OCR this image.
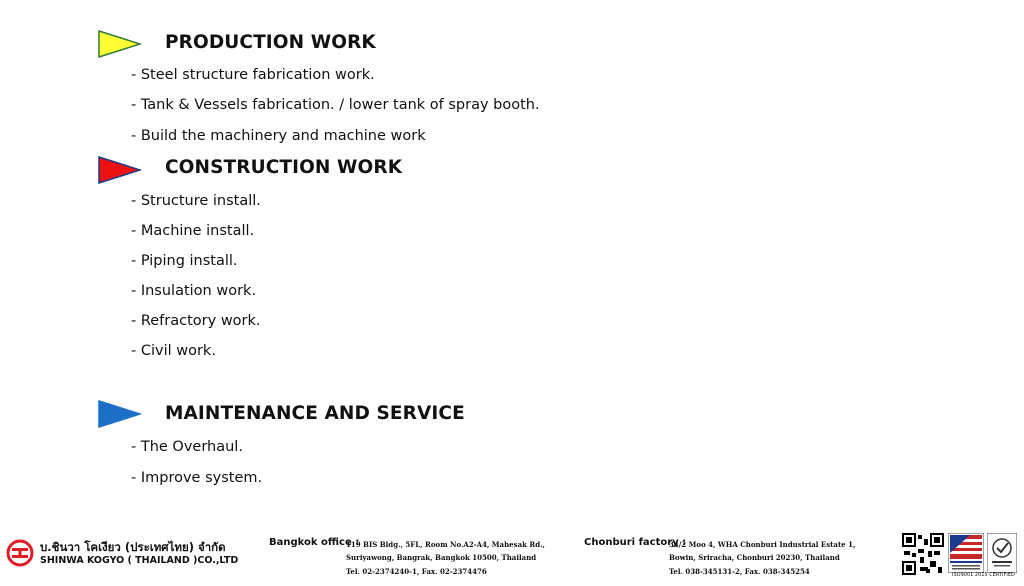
PRODUCTION WORK
- Steel structure fabrication work.
- Tank & Vessels fabrication. / lower tank of spray booth.
- Build the machinery and machine work
CONSTRUCTION WORK
- Structure install.
- Machine install.
- Piping install.
- Insulation work.
- Refractory work.
- Civil work.
MAINTENANCE AND SERVICE
- The Overhaul.
- Improve system.
บ.ชินวา โคเงียว (ประเทศไทย) จำกัด
SHINWA KOGYO ( THAILAND )CO.,LTD
Bangkok office :
119 BIS Bldg., 5FL, Room No.A2-A4, Mahesak Rd.,
Suriyawong, Bangrak, Bangkok 10500, Thailand
Tel. 02-2374240-1, Fax. 02-2374476
Chonburi factory :
34/2 Moo 4, WHA Chonburi Industrial Estate 1,
Bowin, Sriracha, Chonburi 20230, Thailand
Tel. 038-345131-2, Fax. 038-345254	ISO9001 2015 CERTIFIED
